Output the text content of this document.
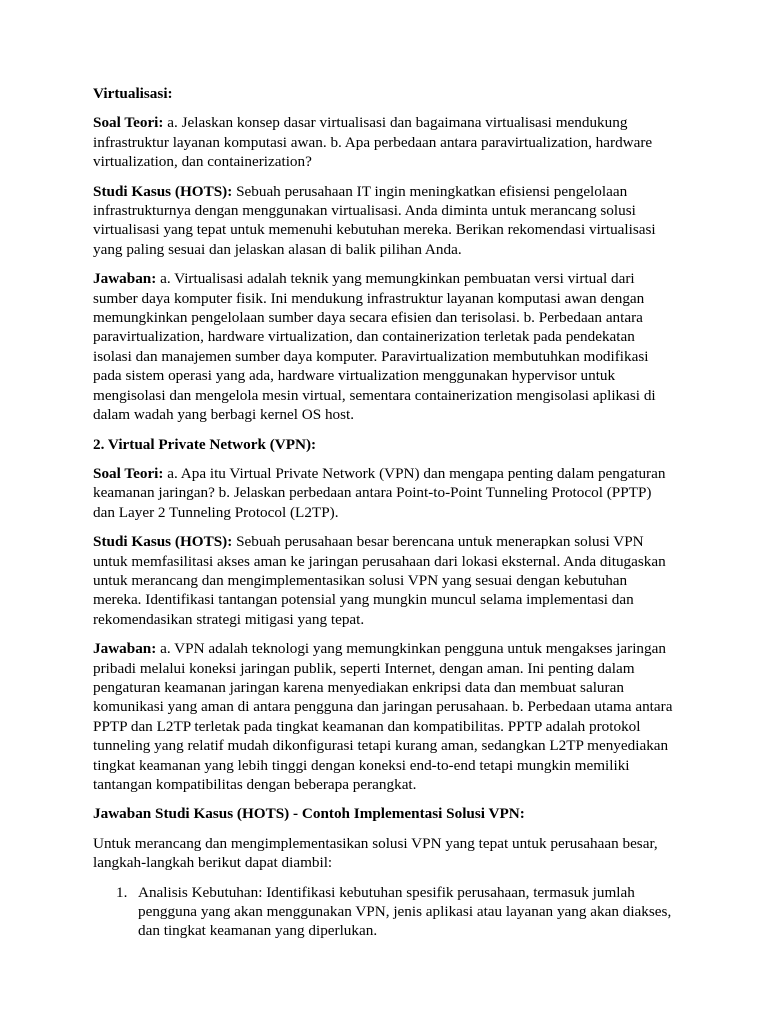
Virtualisasi:
Soal Teori: a. Jelaskan konsep dasar virtualisasi dan bagaimana virtualisasi mendukung infrastruktur layanan komputasi awan. b. Apa perbedaan antara paravirtualization, hardware virtualization, dan containerization?
Studi Kasus (HOTS): Sebuah perusahaan IT ingin meningkatkan efisiensi pengelolaan infrastrukturnya dengan menggunakan virtualisasi. Anda diminta untuk merancang solusi virtualisasi yang tepat untuk memenuhi kebutuhan mereka. Berikan rekomendasi virtualisasi yang paling sesuai dan jelaskan alasan di balik pilihan Anda.
Jawaban: a. Virtualisasi adalah teknik yang memungkinkan pembuatan versi virtual dari sumber daya komputer fisik. Ini mendukung infrastruktur layanan komputasi awan dengan memungkinkan pengelolaan sumber daya secara efisien dan terisolasi. b. Perbedaan antara paravirtualization, hardware virtualization, dan containerization terletak pada pendekatan isolasi dan manajemen sumber daya komputer. Paravirtualization membutuhkan modifikasi pada sistem operasi yang ada, hardware virtualization menggunakan hypervisor untuk mengisolasi dan mengelola mesin virtual, sementara containerization mengisolasi aplikasi di dalam wadah yang berbagi kernel OS host.
2. Virtual Private Network (VPN):
Soal Teori: a. Apa itu Virtual Private Network (VPN) dan mengapa penting dalam pengaturan keamanan jaringan? b. Jelaskan perbedaan antara Point-to-Point Tunneling Protocol (PPTP) dan Layer 2 Tunneling Protocol (L2TP).
Studi Kasus (HOTS): Sebuah perusahaan besar berencana untuk menerapkan solusi VPN untuk memfasilitasi akses aman ke jaringan perusahaan dari lokasi eksternal. Anda ditugaskan untuk merancang dan mengimplementasikan solusi VPN yang sesuai dengan kebutuhan mereka. Identifikasi tantangan potensial yang mungkin muncul selama implementasi dan rekomendasikan strategi mitigasi yang tepat.
Jawaban: a. VPN adalah teknologi yang memungkinkan pengguna untuk mengakses jaringan pribadi melalui koneksi jaringan publik, seperti Internet, dengan aman. Ini penting dalam pengaturan keamanan jaringan karena menyediakan enkripsi data dan membuat saluran komunikasi yang aman di antara pengguna dan jaringan perusahaan. b. Perbedaan utama antara PPTP dan L2TP terletak pada tingkat keamanan dan kompatibilitas. PPTP adalah protokol tunneling yang relatif mudah dikonfigurasi tetapi kurang aman, sedangkan L2TP menyediakan tingkat keamanan yang lebih tinggi dengan koneksi end-to-end tetapi mungkin memiliki tantangan kompatibilitas dengan beberapa perangkat.
Jawaban Studi Kasus (HOTS) - Contoh Implementasi Solusi VPN:
Untuk merancang dan mengimplementasikan solusi VPN yang tepat untuk perusahaan besar, langkah-langkah berikut dapat diambil:
1. Analisis Kebutuhan: Identifikasi kebutuhan spesifik perusahaan, termasuk jumlah pengguna yang akan menggunakan VPN, jenis aplikasi atau layanan yang akan diakses, dan tingkat keamanan yang diperlukan.
